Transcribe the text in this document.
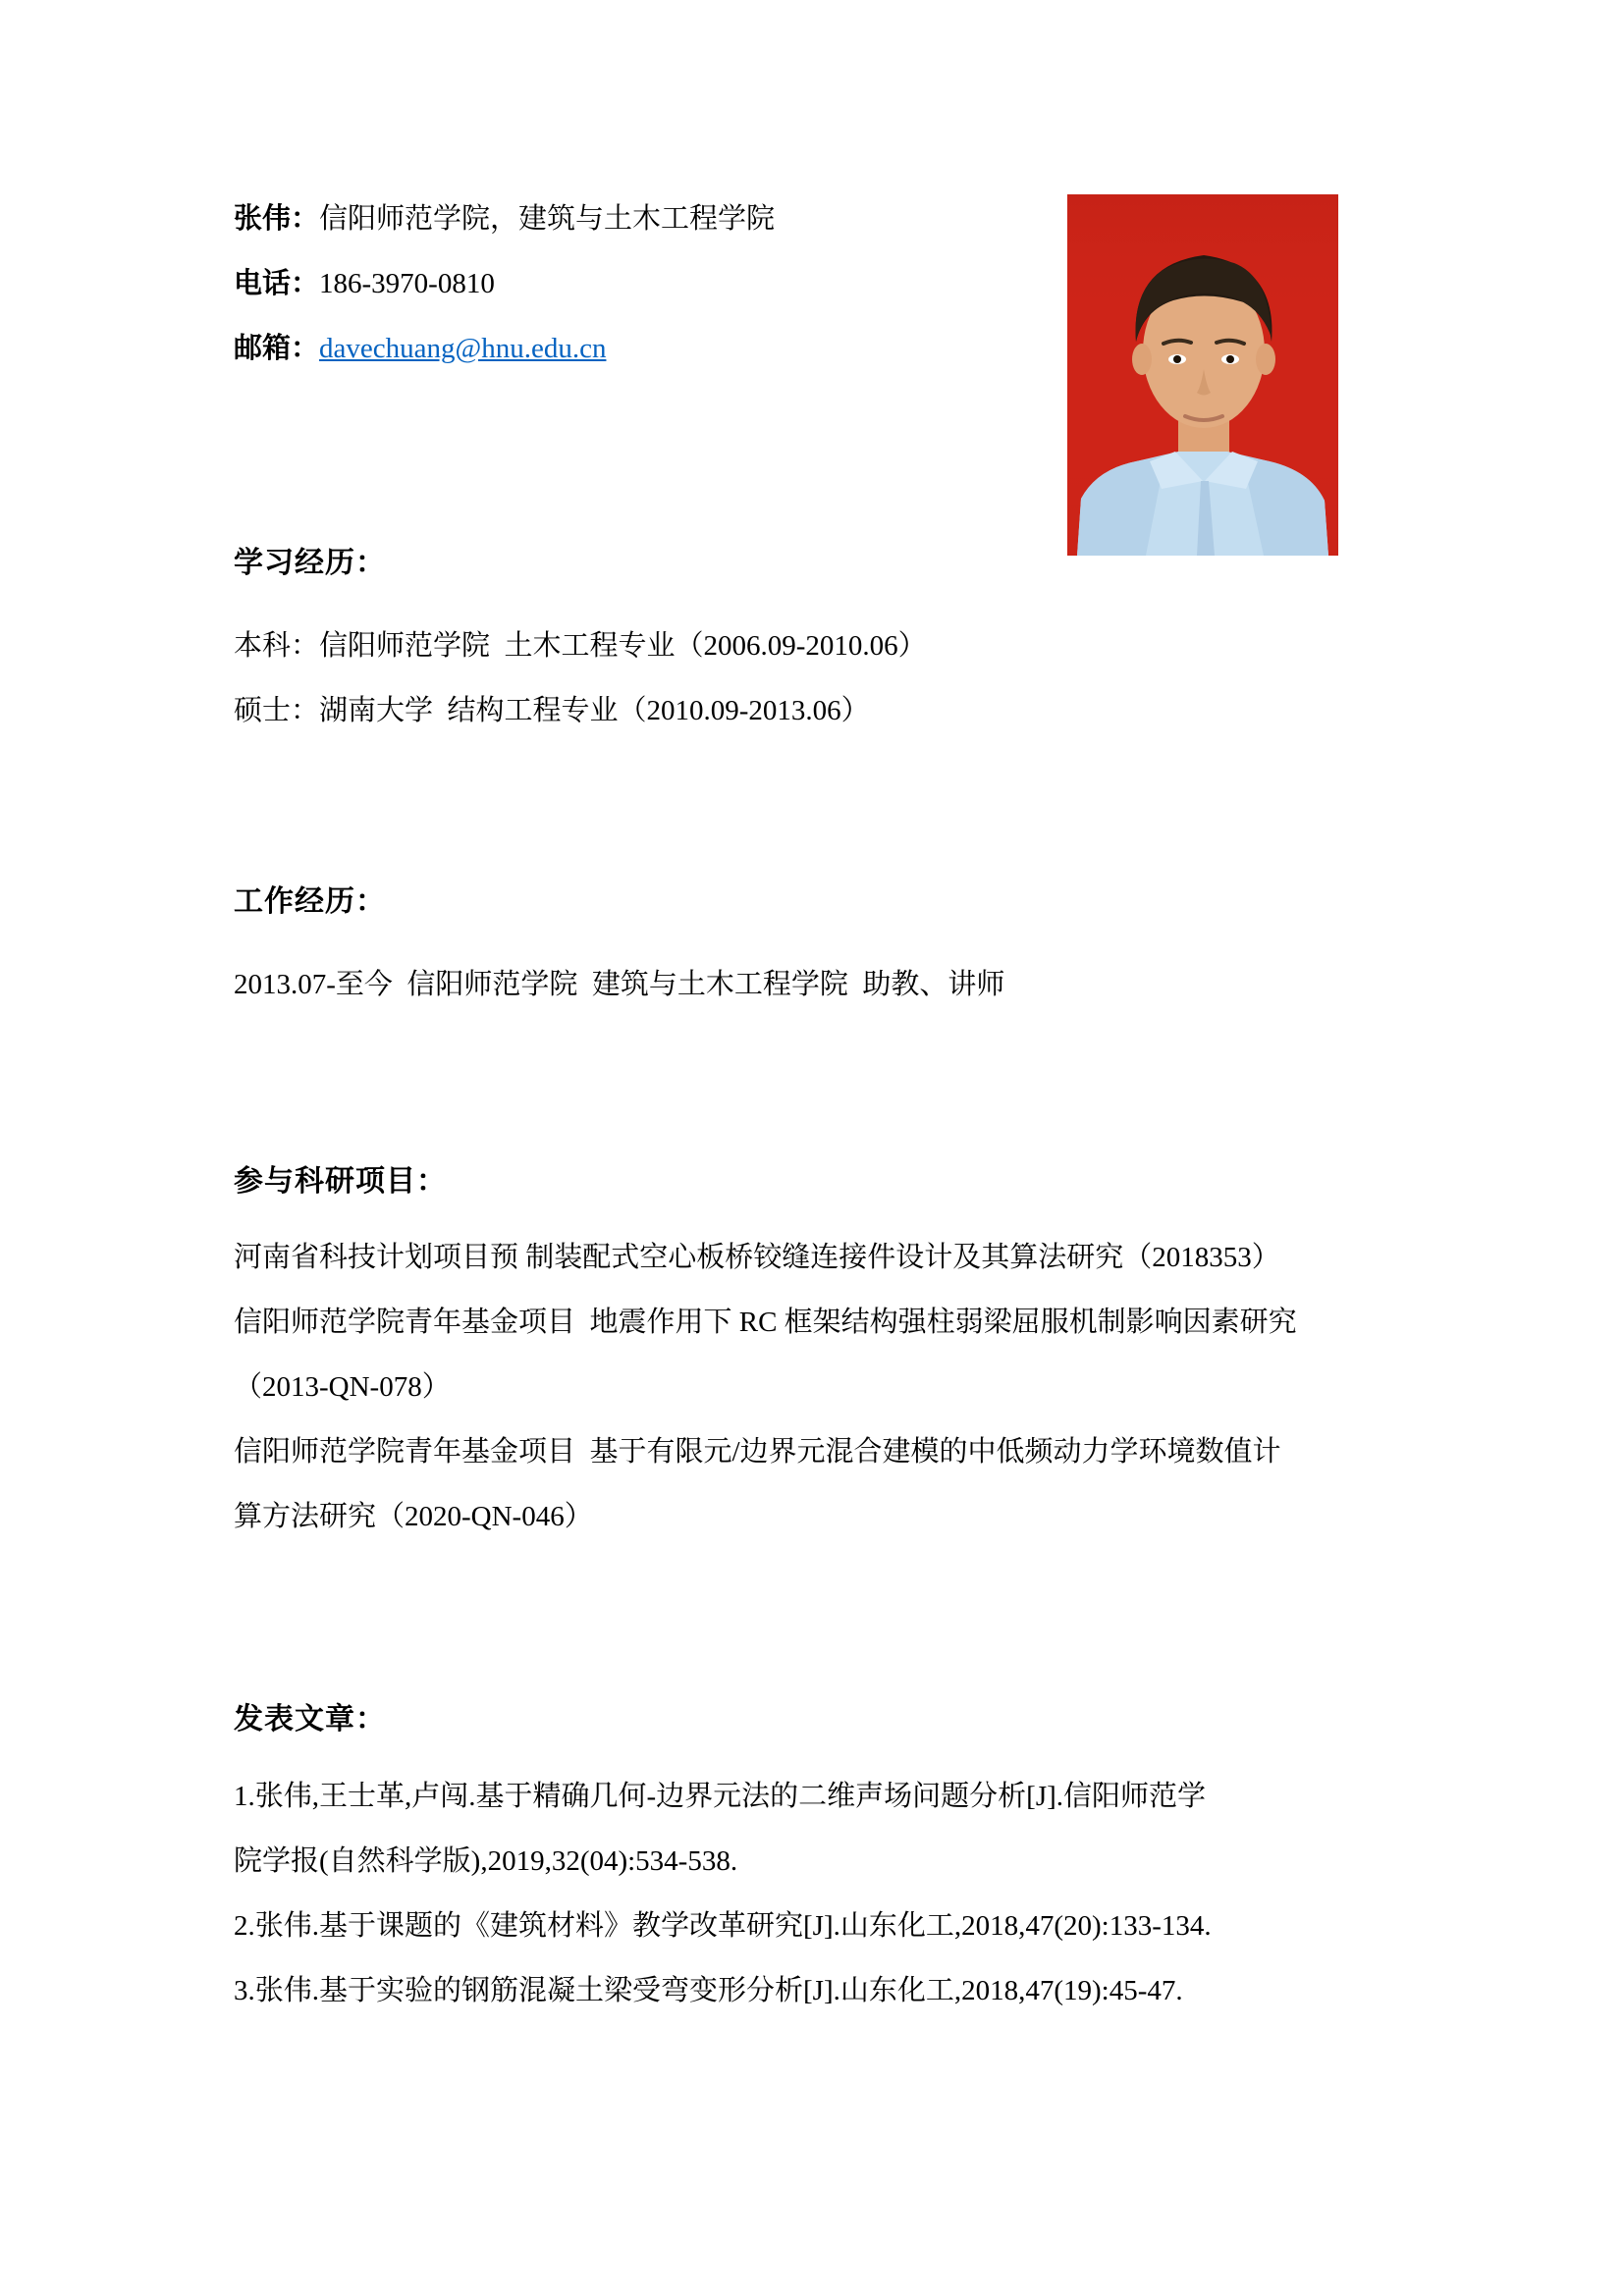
张伟：信阳师范学院，建筑与土木工程学院
电话：186-3970-0810
邮箱：davechuang@hnu.edu.cn
学习经历：
本科：信阳师范学院  土木工程专业（2006.09-2010.06）
硕士：湖南大学  结构工程专业（2010.09-2013.06）
工作经历：
2013.07-至今  信阳师范学院  建筑与土木工程学院  助教、讲师
参与科研项目：
河南省科技计划项目预 制装配式空心板桥铰缝连接件设计及其算法研究（2018353）
信阳师范学院青年基金项目  地震作用下 RC 框架结构强柱弱梁屈服机制影响因素研究
（2013-QN-078）
信阳师范学院青年基金项目  基于有限元/边界元混合建模的中低频动力学环境数值计
算方法研究（2020-QN-046）
发表文章：
1.张伟,王士革,卢闯.基于精确几何-边界元法的二维声场问题分析[J].信阳师范学
院学报(自然科学版),2019,32(04):534-538.
2.张伟.基于课题的《建筑材料》教学改革研究[J].山东化工,2018,47(20):133-134.
3.张伟.基于实验的钢筋混凝土梁受弯变形分析[J].山东化工,2018,47(19):45-47.
